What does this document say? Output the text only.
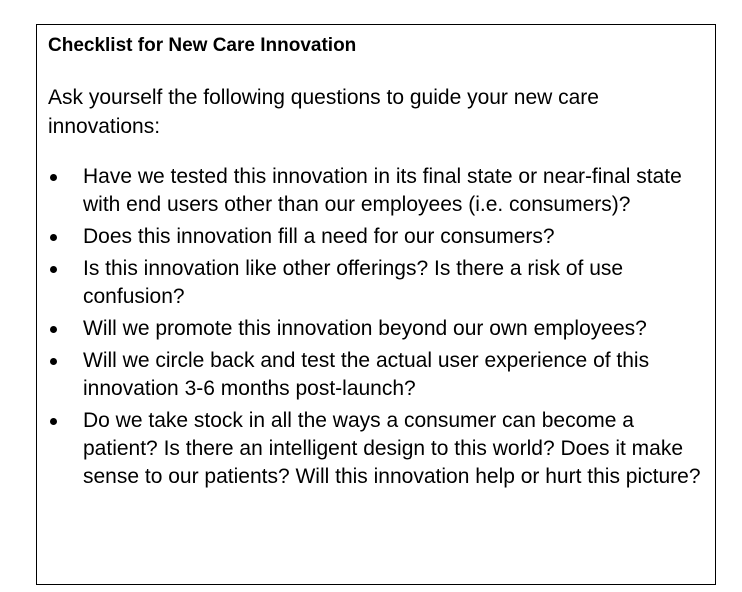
Checklist for New Care Innovation

Ask yourself the following questions to guide your new care innovations:

Have we tested this innovation in its final state or near-final state with end users other than our employees (i.e. consumers)?
Does this innovation fill a need for our consumers?
Is this innovation like other offerings? Is there a risk of use confusion?
Will we promote this innovation beyond our own employees?
Will we circle back and test the actual user experience of this innovation 3-6 months post-launch?
Do we take stock in all the ways a consumer can become a patient? Is there an intelligent design to this world? Does it make sense to our patients? Will this innovation help or hurt this picture?
